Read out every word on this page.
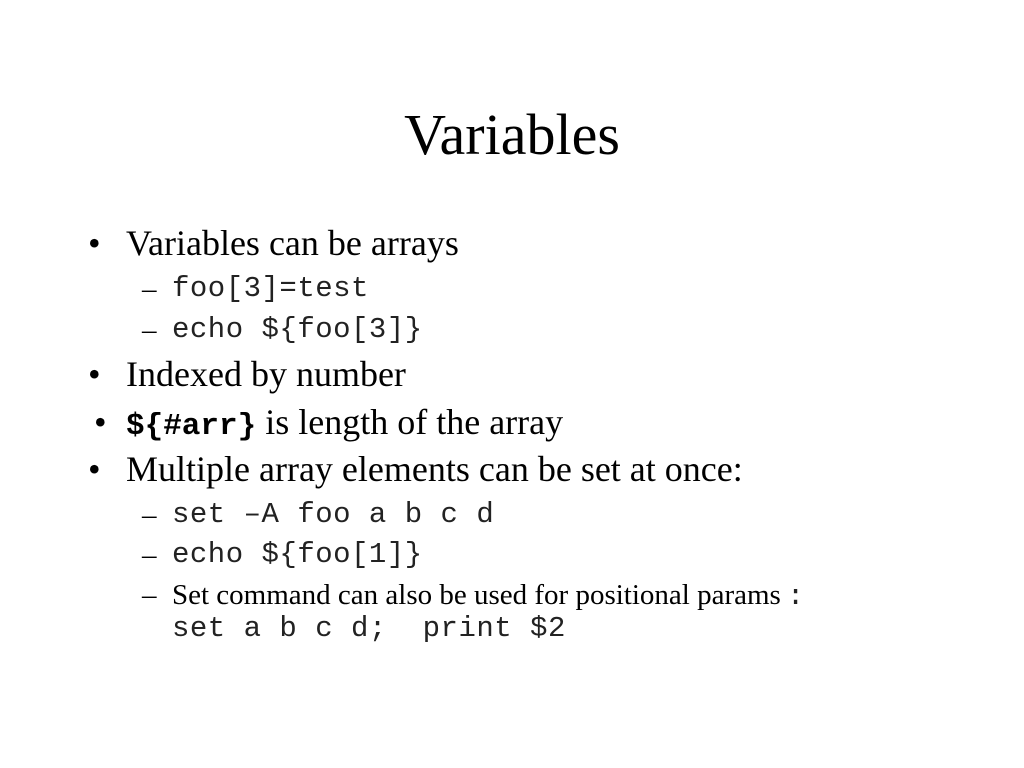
Variables
• Variables can be arrays
– foo[3]=test
– echo ${foo[3]}
• Indexed by number
• ${#arr} is length of the array
• Multiple array elements can be set at once:
– set –A foo a b c d
– echo ${foo[1]}
– Set command can also be used for positional params :
set a b c d;  print $2
